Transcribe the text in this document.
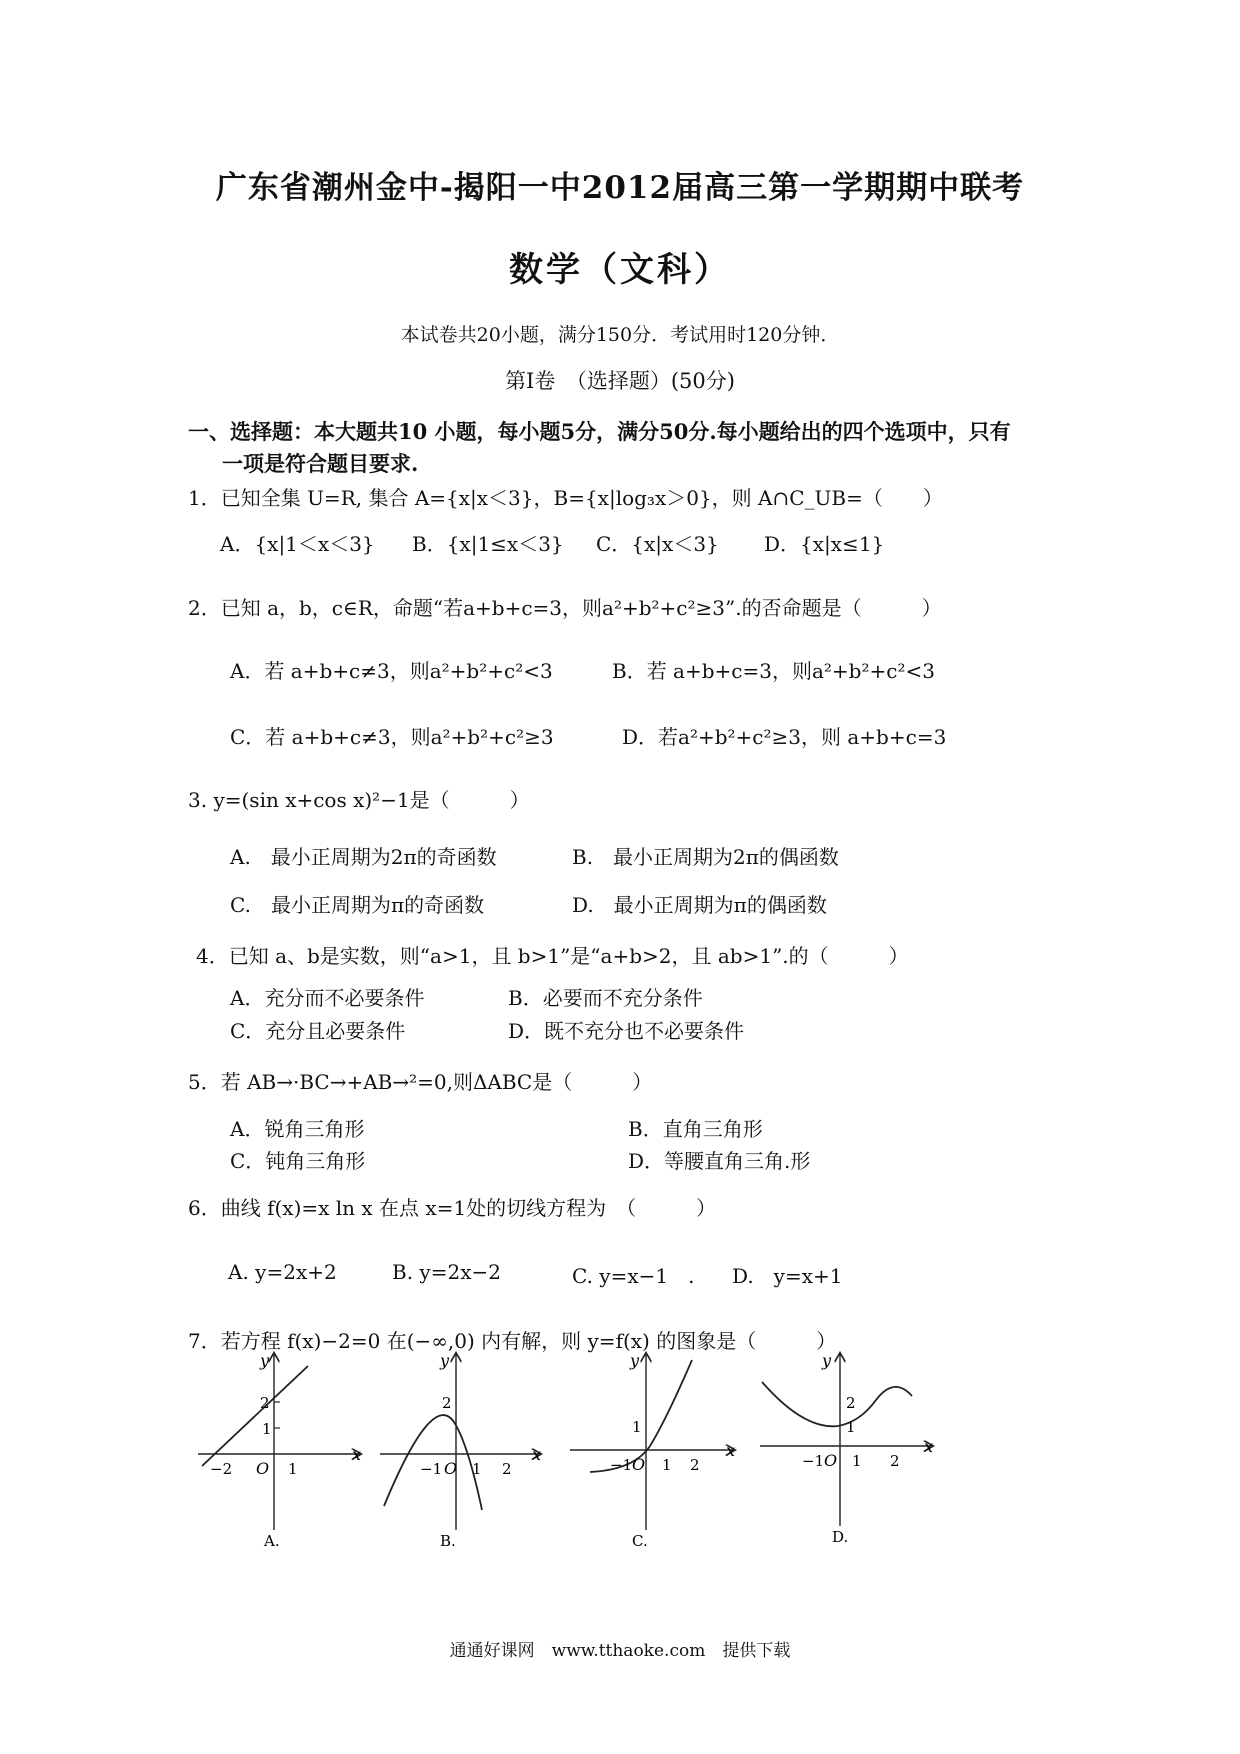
广东省潮州金中-揭阳一中2012届高三第一学期期中联考
数学（文科）
本试卷共20小题，满分150分．考试用时120分钟．
第Ⅰ卷　（选择题）(50分)
一、选择题：本大题共10 小题，每小题5分，满分50分.每小题给出的四个选项中，只有
一项是符合题目要求.
1．已知全集 U=R, 集合 A={x|x＜3}，B={x|log₃x＞0}，则 A∩C_UB=（　　）
A．{x|1＜x＜3} B．{x|1≤x＜3} C．{x|x＜3} D．{x|x≤1}
2．已知 a，b，c∈R，命题“若a+b+c=3，则a²+b²+c²≥3”.的否命题是（　　　）
A．若 a+b+c≠3，则a²+b²+c²<3	B．若 a+b+c=3，则a²+b²+c²<3
C．若 a+b+c≠3，则a²+b²+c²≥3	D．若a²+b²+c²≥3，则 a+b+c=3
3. y=(sin x+cos x)²−1是（　　　）
A.　最小正周期为2π的奇函数	B.　最小正周期为2π的偶函数
C.　最小正周期为π的奇函数	D.　最小正周期为π的偶函数
4．已知 a、b是实数，则“a>1，且 b>1”是“a+b>2，且 ab>1”.的（　　　）
A．充分而不必要条件	B．必要而不充分条件
C．充分且必要条件	D．既不充分也不必要条件
5．若 AB→·BC→+AB→²=0,则ΔABC是（　　　）
A．锐角三角形	B．直角三角形
C．钝角三角形	D．等腰直角三角.形
6．曲线 f(x)=x ln x 在点 x=1处的切线方程为　（　　　）
A. y=2x+2	B. y=2x−2	C. y=x−1　. D.　y=x+1
7．若方程 f(x)−2=0 在(−∞,0) 内有解，则 y=f(x) 的图象是（　　　）
y
x
O
−2	1
1
2
A.
y
x
O
−1 1 2
2
B.
y
x
O
−1 1 2
1
C.
y
x
O
−1 1 2
1
2
D.
通通好课网　www.tthaoke.com　提供下载
